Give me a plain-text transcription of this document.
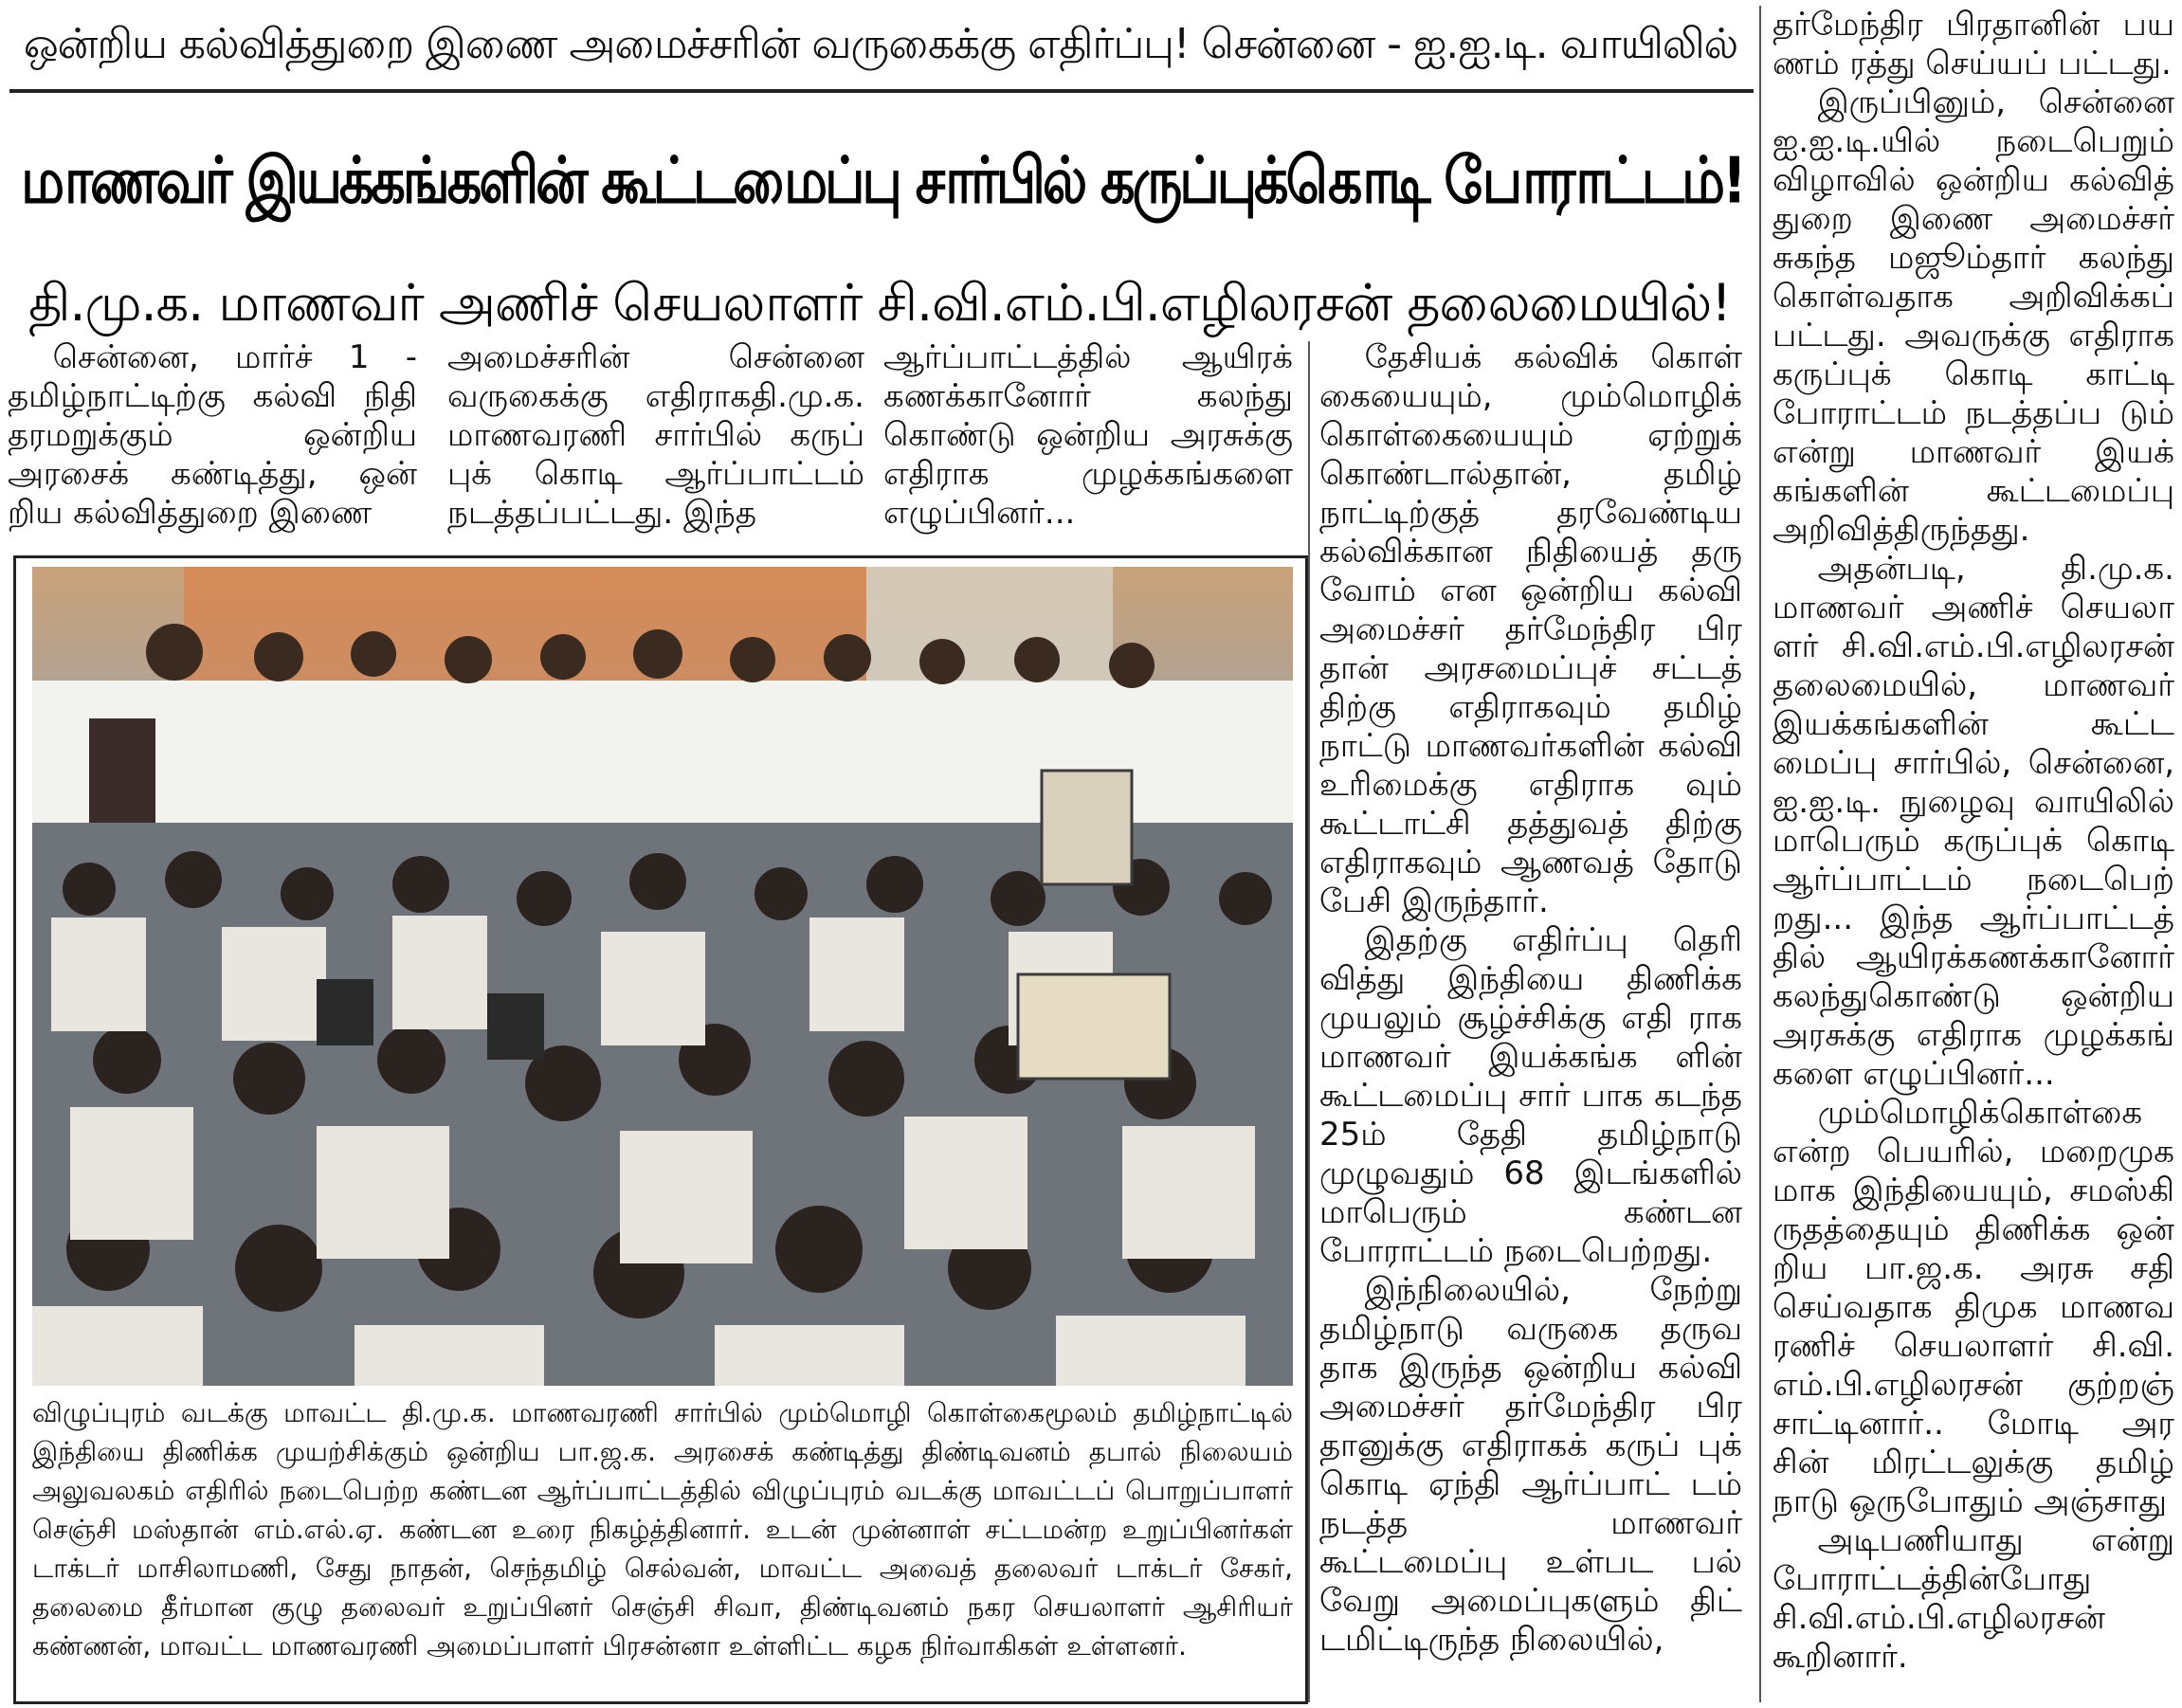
ஒன்றிய கல்வித்துறை இணை அமைச்சரின் வருகைக்கு எதிர்ப்பு! சென்னை - ஐ.ஐ.டி. வாயிலில்
மாணவர் இயக்கங்களின் கூட்டமைப்பு சார்பில் கருப்புக்கொடி போராட்டம்!
தி.மு.க. மாணவர் அணிச் செயலாளர் சி.வி.எம்.பி.எழிலரசன் தலைமையில்!

சென்னை, மார்ச் 1 - தமிழ்நாட்டிற்கு கல்வி நிதி தரமறுக்கும் ஒன்றிய அரசைக் கண்டித்து, ஒன் றிய கல்வித்துறை இணை

அமைச்சரின் சென்னை வருகைக்கு எதிராகதி.மு.க. மாணவரணி சார்பில் கருப் புக் கொடி ஆர்ப்பாட்டம் நடத்தப்பட்டது. இந்த

ஆர்ப்பாட்டத்தில் ஆயிரக் கணக்கானோர் கலந்து கொண்டு ஒன்றிய அரசுக்கு எதிராக முழக்கங்களை எழுப்பினர்...

தேசியக் கல்விக் கொள் கையையும், மும்மொழிக் கொள்கையையும் ஏற்றுக் கொண்டால்தான், தமிழ் நாட்டிற்குத் தரவேண்டிய கல்விக்கான நிதியைத் தரு வோம் என ஒன்றிய கல்வி அமைச்சர் தர்மேந்திர பிர தான் அரசமைப்புச் சட்டத் திற்கு எதிராகவும் தமிழ் நாட்டு மாணவர்களின் கல்வி உரிமைக்கு எதிராக வும் கூட்டாட்சி தத்துவத் திற்கு எதிராகவும் ஆணவத் தோடு பேசி இருந்தார்.

இதற்கு எதிர்ப்பு தெரி வித்து இந்தியை திணிக்க முயலும் சூழ்ச்சிக்கு எதி ராக மாணவர் இயக்கங்க ளின் கூட்டமைப்பு சார் பாக கடந்த 25ம் தேதி தமிழ்நாடு முழுவதும் 68 இடங்களில் மாபெரும் கண்டன போராட்டம் நடைபெற்றது.

இந்நிலையில், நேற்று தமிழ்நாடு வருகை தருவ தாக இருந்த ஒன்றிய கல்வி அமைச்சர் தர்மேந்திர பிர தானுக்கு எதிராகக் கருப் புக் கொடி ஏந்தி ஆர்ப்பாட் டம் நடத்த மாணவர் கூட்டமைப்பு உள்பட பல் வேறு அமைப்புகளும் திட் டமிட்டிருந்த நிலையில்,

தர்மேந்திர பிரதானின் பய ணம் ரத்து செய்யப் பட்டது.

இருப்பினும், சென்னை ஐ.ஐ.டி.யில் நடைபெறும் விழாவில் ஒன்றிய கல்வித் துறை இணை அமைச்சர் சுகந்த மஜூம்தார் கலந்து கொள்வதாக அறிவிக்கப் பட்டது. அவருக்கு எதிராக கருப்புக் கொடி காட்டி போராட்டம் நடத்தப்ப டும் என்று மாணவர் இயக் கங்களின் கூட்டமைப்பு அறிவித்திருந்தது.

அதன்படி, தி.மு.க. மாணவர் அணிச் செயலா ளர் சி.வி.எம்.பி.எழிலரசன் தலைமையில், மாணவர் இயக்கங்களின் கூட்ட மைப்பு சார்பில், சென்னை, ஐ.ஐ.டி. நுழைவு வாயிலில் மாபெரும் கருப்புக் கொடி ஆர்ப்பாட்டம் நடைபெற் றது... இந்த ஆர்ப்பாட்டத் தில் ஆயிரக்கணக்கானோர் கலந்துகொண்டு ஒன்றிய அரசுக்கு எதிராக முழக்கங் களை எழுப்பினர்...

மும்மொழிக்கொள்கை என்ற பெயரில், மறைமுக மாக இந்தியையும், சமஸ்கி ருதத்தையும் திணிக்க ஒன் றிய பா.ஜ.க. அரசு சதி செய்வதாக திமுக மாணவ ரணிச் செயலாளர் சி.வி. எம்.பி.எழிலரசன் குற்றஞ் சாட்டினார்.. மோடி அர சின் மிரட்டலுக்கு தமிழ் நாடு ஒருபோதும் அஞ்சாது

அடிபணியாது என்று போராட்டத்தின்போது சி.வி.எம்.பி.எழிலரசன் கூறினார்.

விழுப்புரம் வடக்கு மாவட்ட தி.மு.க. மாணவரணி சார்பில் மும்மொழி கொள்கைமூலம் தமிழ்நாட்டில் இந்தியை திணிக்க முயற்சிக்கும் ஒன்றிய பா.ஜ.க. அரசைக் கண்டித்து திண்டிவனம் தபால் நிலையம் அலுவலகம் எதிரில் நடைபெற்ற கண்டன ஆர்ப்பாட்டத்தில் விழுப்புரம் வடக்கு மாவட்டப் பொறுப்பாளர் செஞ்சி மஸ்தான் எம்.எல்.ஏ. கண்டன உரை நிகழ்த்தினார். உடன் முன்னாள் சட்டமன்ற உறுப்பினர்கள் டாக்டர் மாசிலாமணி, சேது நாதன், செந்தமிழ் செல்வன், மாவட்ட அவைத் தலைவர் டாக்டர் சேகர், தலைமை தீர்மான குழு தலைவர் உறுப்பினர் செஞ்சி சிவா, திண்டிவனம் நகர செயலாளர் ஆசிரியர் கண்ணன், மாவட்ட மாணவரணி அமைப்பாளர் பிரசன்னா உள்ளிட்ட கழக நிர்வாகிகள் உள்ளனர்.
